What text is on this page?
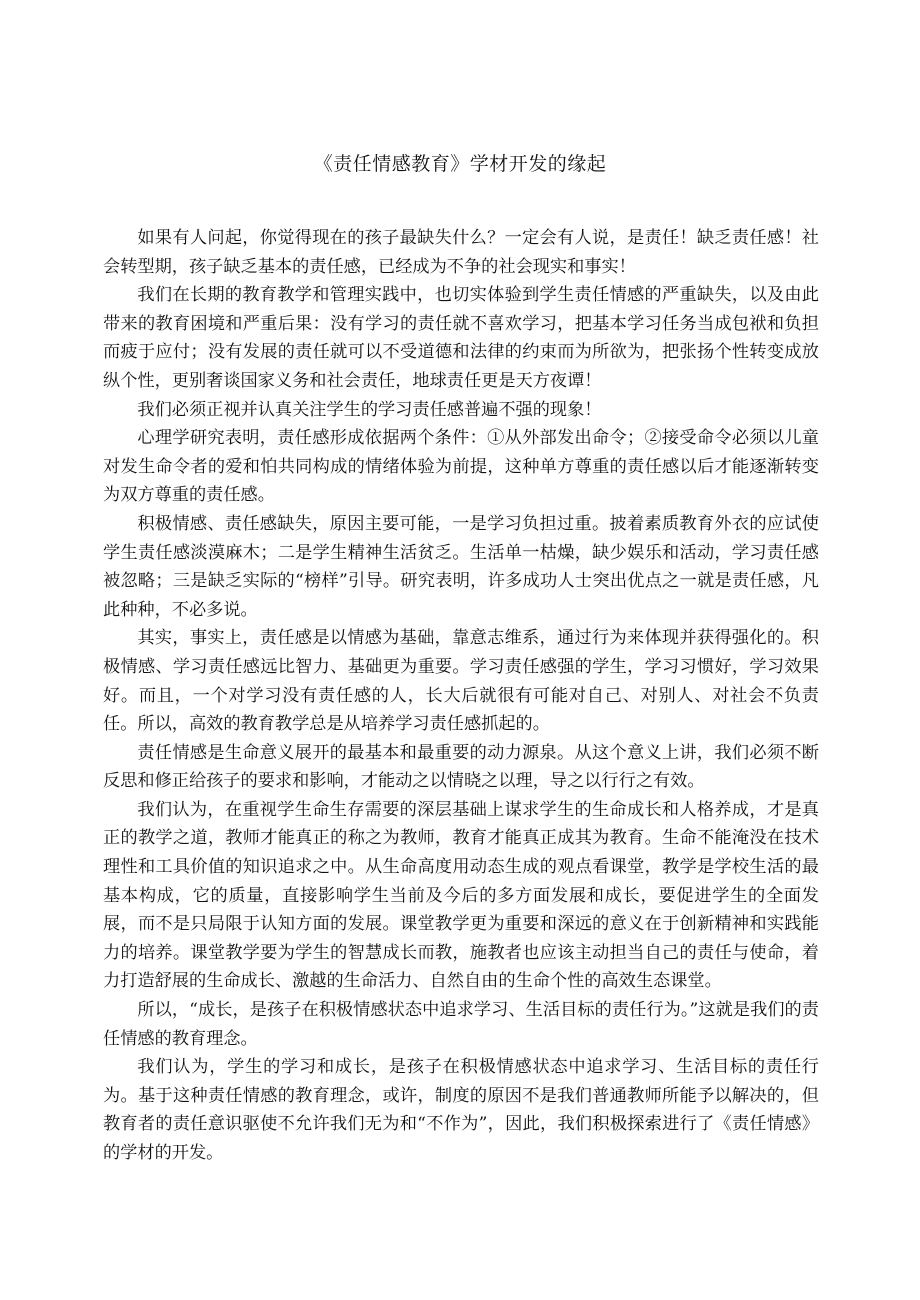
《责任情感教育》学材开发的缘起

如果有人问起，你觉得现在的孩子最缺失什么？一定会有人说，是责任！缺乏责任感！社会转型期，孩子缺乏基本的责任感，已经成为不争的社会现实和事实！

我们在长期的教育教学和管理实践中，也切实体验到学生责任情感的严重缺失，以及由此带来的教育困境和严重后果：没有学习的责任就不喜欢学习，把基本学习任务当成包袱和负担而疲于应付；没有发展的责任就可以不受道德和法律的约束而为所欲为，把张扬个性转变成放纵个性，更别奢谈国家义务和社会责任，地球责任更是天方夜谭！

我们必须正视并认真关注学生的学习责任感普遍不强的现象！

心理学研究表明，责任感形成依据两个条件：①从外部发出命令；②接受命令必须以儿童对发生命令者的爱和怕共同构成的情绪体验为前提，这种单方尊重的责任感以后才能逐渐转变为双方尊重的责任感。

积极情感、责任感缺失，原因主要可能，一是学习负担过重。披着素质教育外衣的应试使学生责任感淡漠麻木；二是学生精神生活贫乏。生活单一枯燥，缺少娱乐和活动，学习责任感被忽略；三是缺乏实际的“榜样”引导。研究表明，许多成功人士突出优点之一就是责任感，凡此种种，不必多说。

其实，事实上，责任感是以情感为基础，靠意志维系，通过行为来体现并获得强化的。积极情感、学习责任感远比智力、基础更为重要。学习责任感强的学生，学习习惯好，学习效果好。而且，一个对学习没有责任感的人，长大后就很有可能对自己、对别人、对社会不负责任。所以，高效的教育教学总是从培养学习责任感抓起的。

责任情感是生命意义展开的最基本和最重要的动力源泉。从这个意义上讲，我们必须不断反思和修正给孩子的要求和影响，才能动之以情晓之以理，导之以行行之有效。

我们认为，在重视学生命生存需要的深层基础上谋求学生的生命成长和人格养成，才是真正的教学之道，教师才能真正的称之为教师，教育才能真正成其为教育。生命不能淹没在技术理性和工具价值的知识追求之中。从生命高度用动态生成的观点看课堂，教学是学校生活的最基本构成，它的质量，直接影响学生当前及今后的多方面发展和成长，要促进学生的全面发展，而不是只局限于认知方面的发展。课堂教学更为重要和深远的意义在于创新精神和实践能力的培养。课堂教学要为学生的智慧成长而教，施教者也应该主动担当自己的责任与使命，着力打造舒展的生命成长、激越的生命活力、自然自由的生命个性的高效生态课堂。

所以，“成长，是孩子在积极情感状态中追求学习、生活目标的责任行为。”这就是我们的责任情感的教育理念。

我们认为，学生的学习和成长，是孩子在积极情感状态中追求学习、生活目标的责任行为。基于这种责任情感的教育理念，或许，制度的原因不是我们普通教师所能予以解决的，但教育者的责任意识驱使不允许我们无为和“不作为”，因此，我们积极探索进行了《责任情感》的学材的开发。
